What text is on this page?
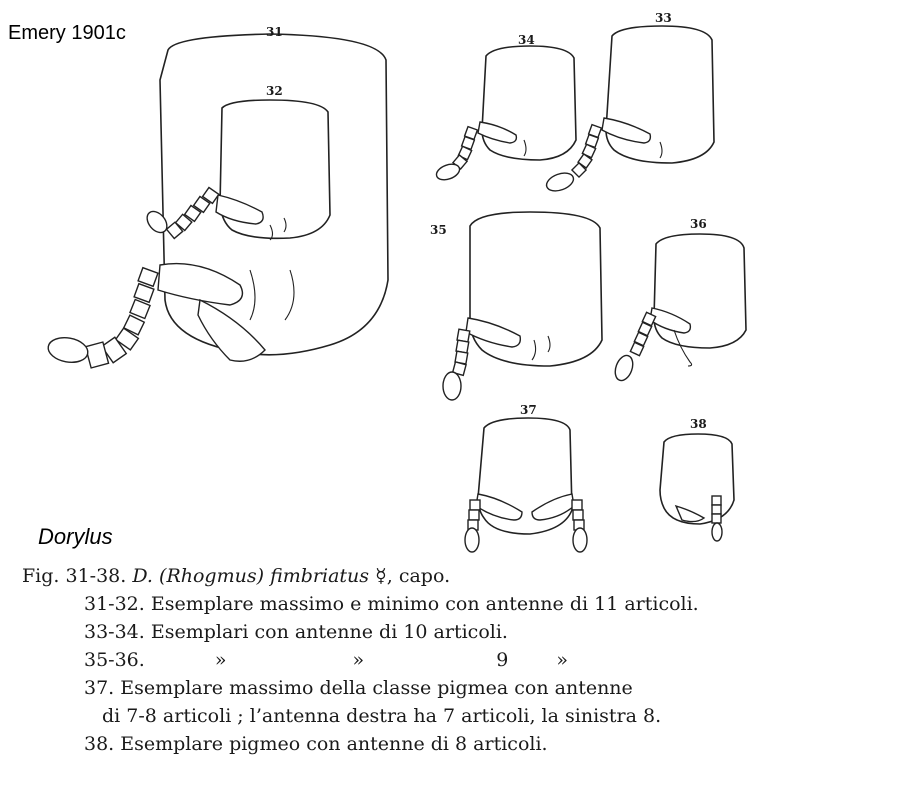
Emery 1901c	31
32
34
33
35	36
37
38
Dorylus
Fig. 31-38. D. (Rhogmus) fimbriatus ☿, capo.
31-32. Esemplare massimo e minimo con antenne di 11 articoli.
33-34. Esemplari con antenne di 10 articoli.
35-36.	»	»	9	»
37. Esemplare massimo della classe pigmea con antenne
di 7-8 articoli ; l’antenna destra ha 7 articoli, la sinistra 8.
38. Esemplare pigmeo con antenne di 8 articoli.
